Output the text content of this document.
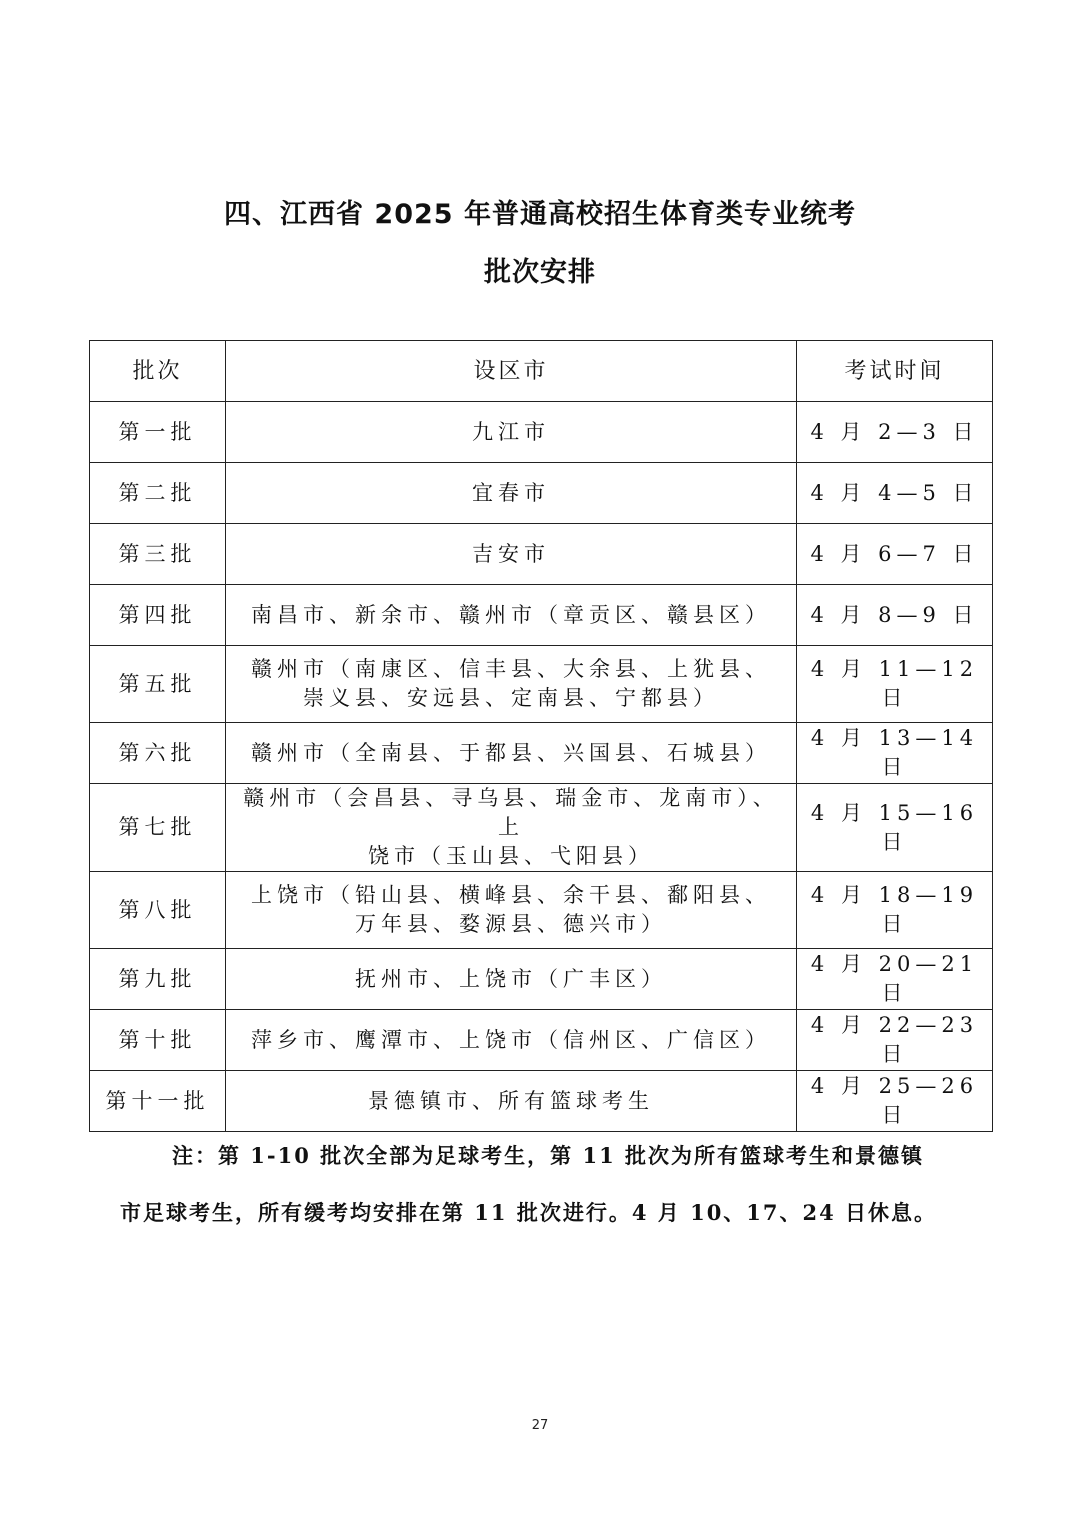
四、江西省 2025 年普通高校招生体育类专业统考
批次安排
批次	设区市	考试时间
第一批	九江市	4 月 2—3 日
第二批	宜春市	4 月 4—5 日
第三批	吉安市	4 月 6—7 日
第四批	南昌市、新余市、赣州市（章贡区、赣县区）	4 月 8—9 日
第五批	赣州市（南康区、信丰县、大余县、上犹县、
崇义县、安远县、定南县、宁都县）	4 月 11—12 日
第六批	赣州市（全南县、于都县、兴国县、石城县）	4 月 13—14 日
第七批	赣州市（会昌县、寻乌县、瑞金市、龙南市）、上
饶市（玉山县、弋阳县）	4 月 15—16 日
第八批	上饶市（铅山县、横峰县、余干县、鄱阳县、
万年县、婺源县、德兴市）	4 月 18—19 日
第九批	抚州市、上饶市（广丰区）	4 月 20—21 日
第十批	萍乡市、鹰潭市、上饶市（信州区、广信区）	4 月 22—23 日
第十一批	景德镇市、所有篮球考生	4 月 25—26 日
注：第 1-10 批次全部为足球考生，第 11 批次为所有篮球考生和景德镇
市足球考生，所有缓考均安排在第 11 批次进行。4 月 10、17、24 日休息。
27
